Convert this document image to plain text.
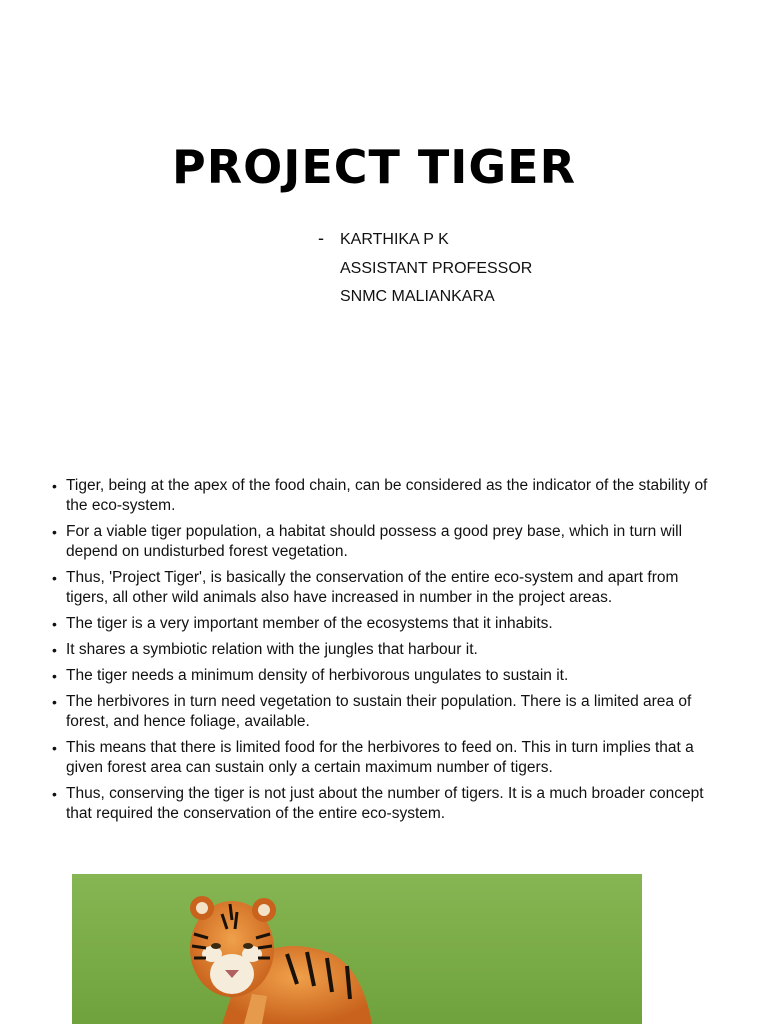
PROJECT TIGER
- KARTHIKA P K
ASSISTANT PROFESSOR
SNMC MALIANKARA
• Tiger, being at the apex of the food chain, can be considered as the indicator of the stability of the eco-system.
• For a viable tiger population, a habitat should possess a good prey base, which in turn will depend on undisturbed forest vegetation.
• Thus, 'Project Tiger', is basically the conservation of the entire eco-system and apart from tigers, all other wild animals also have increased in number in the project areas.
• The tiger is a very important member of the ecosystems that it inhabits.
• It shares a symbiotic relation with the jungles that harbour it.
• The tiger needs a minimum density of herbivorous ungulates to sustain it.
• The herbivores in turn need vegetation to sustain their population. There is a limited area of forest, and hence foliage, available.
• This means that there is limited food for the herbivores to feed on. This in turn implies that a given forest area can sustain only a certain maximum number of tigers.
• Thus, conserving the tiger is not just about the number of tigers. It is a much broader concept that required the conservation of the entire eco-system.
